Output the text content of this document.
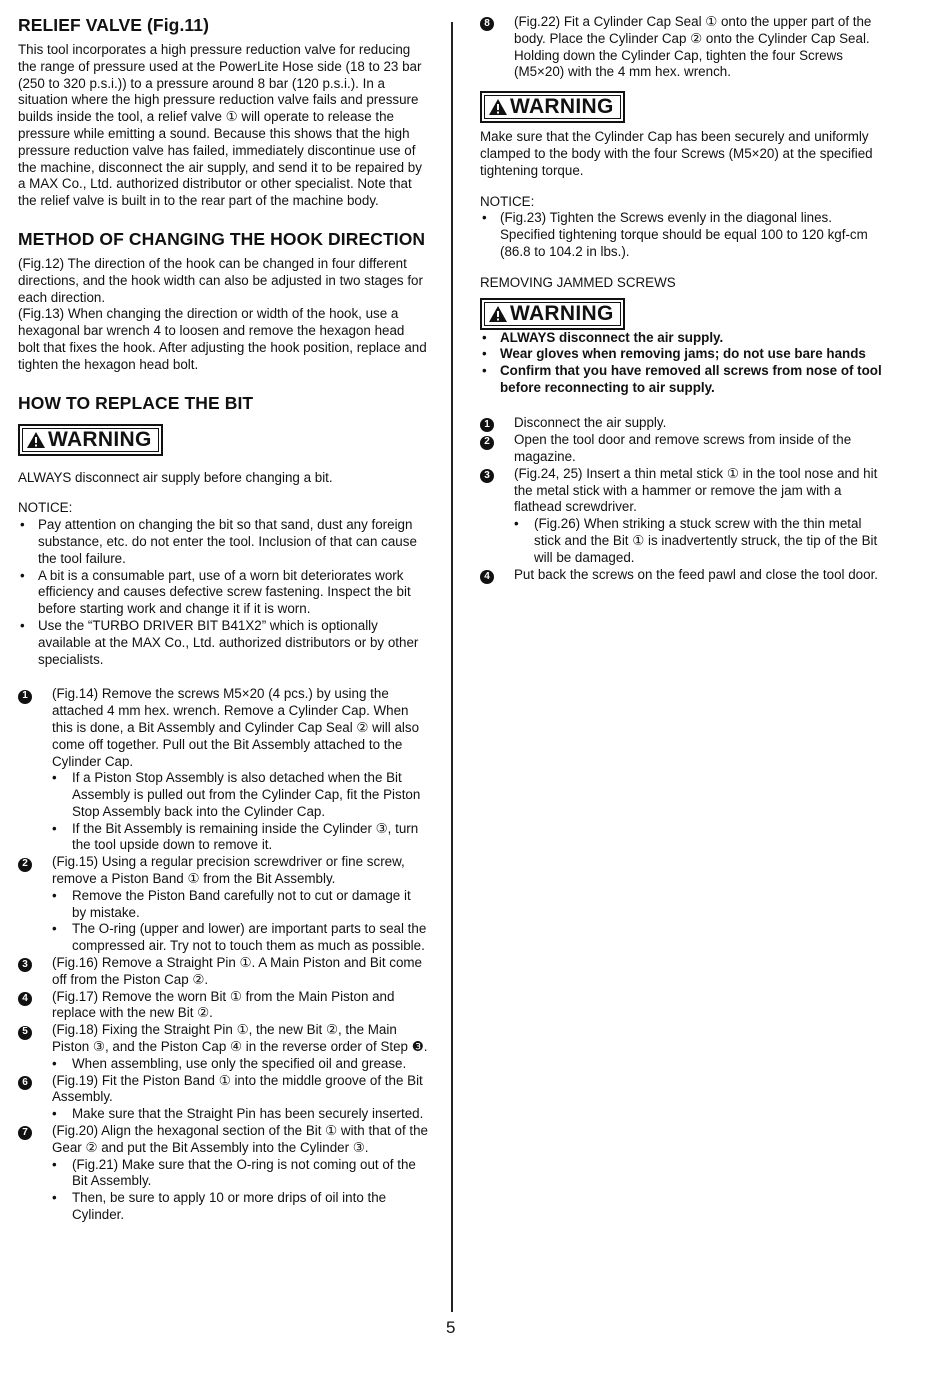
RELIEF VALVE (Fig.11)

This tool incorporates a high pressure reduction valve for reducing the range of pressure used at the PowerLite Hose side (18 to 23 bar (250 to 320 p.s.i.)) to a pressure around 8 bar (120 p.s.i.). In a situation where the high pressure reduction valve fails and pressure builds inside the tool, a relief valve ① will operate to release the pressure while emitting a sound. Because this shows that the high pressure reduction valve has failed, immediately discontinue use of the machine, disconnect the air supply, and send it to be repaired by a MAX Co., Ltd. authorized distributor or other specialist. Note that the relief valve is built in to the rear part of the machine body.

METHOD OF CHANGING THE HOOK DIRECTION

(Fig.12) The direction of the hook can be changed in four different directions, and the hook width can also be adjusted in two stages for each direction.

(Fig.13) When changing the direction or width of the hook, use a hexagonal bar wrench 4 to loosen and remove the hexagon head bolt that fixes the hook. After adjusting the hook position, replace and tighten the hexagon head bolt.

HOW TO REPLACE THE BIT
WARNING

ALWAYS disconnect air supply before changing a bit.

NOTICE:

• Pay attention on changing the bit so that sand, dust any foreign substance, etc. do not enter the tool. Inclusion of that can cause the tool failure.
• A bit is a consumable part, use of a worn bit deteriorates work efficiency and causes defective screw fastening. Inspect the bit before starting work and change it if it is worn.
• Use the “TURBO DRIVER BIT B41X2” which is optionally available at the MAX Co., Ltd. authorized distributors or by other specialists.
1	(Fig.14) Remove the screws M5×20 (4 pcs.) by using the attached 4 mm hex. wrench. Remove a Cylinder Cap. When this is done, a Bit Assembly and Cylinder Cap Seal ② will also come off together. Pull out the Bit Assembly attached to the Cylinder Cap.
•	If a Piston Stop Assembly is also detached when the Bit Assembly is pulled out from the Cylinder Cap, fit the Piston Stop Assembly back into the Cylinder Cap.
•	If the Bit Assembly is remaining inside the Cylinder ③, turn the tool upside down to remove it.
2	(Fig.15) Using a regular precision screwdriver or fine screw, remove a Piston Band ① from the Bit Assembly.
•	Remove the Piston Band carefully not to cut or damage it by mistake.
•	The O-ring (upper and lower) are important parts to seal the compressed air. Try not to touch them as much as possible.
3	(Fig.16) Remove a Straight Pin ①. A Main Piston and Bit come off from the Piston Cap ②.
4	(Fig.17) Remove the worn Bit ① from the Main Piston and replace with the new Bit ②.
5	(Fig.18) Fixing the Straight Pin ①, the new Bit ②, the Main Piston ③, and the Piston Cap ④ in the reverse order of Step ❸.
•	When assembling, use only the specified oil and grease.
6	(Fig.19) Fit the Piston Band ① into the middle groove of the Bit Assembly.
•	Make sure that the Straight Pin has been securely inserted.
7	(Fig.20) Align the hexagonal section of the Bit ① with that of the Gear ② and put the Bit Assembly into the Cylinder ③.
•	(Fig.21) Make sure that the O-ring is not coming out of the Bit Assembly.
•	Then, be sure to apply 10 or more drips of oil into the Cylinder.
8	(Fig.22) Fit a Cylinder Cap Seal ① onto the upper part of the body. Place the Cylinder Cap ② onto the Cylinder Cap Seal. Holding down the Cylinder Cap, tighten the four Screws (M5×20) with the 4 mm hex. wrench.
WARNING

Make sure that the Cylinder Cap has been securely and uniformly clamped to the body with the four Screws (M5×20) at the specified tightening torque.

NOTICE:

• (Fig.23) Tighten the Screws evenly in the diagonal lines. Specified tightening torque should be equal 100 to 120 kgf-cm (86.8 to 104.2 in lbs.).

REMOVING JAMMED SCREWS

WARNING
• ALWAYS disconnect the air supply.
• Wear gloves when removing jams; do not use bare hands
• Confirm that you have removed all screws from nose of tool before reconnecting to air supply.
1	Disconnect the air supply.
2	Open the tool door and remove screws from inside of the magazine.
3	(Fig.24, 25) Insert a thin metal stick ① in the tool nose and hit the metal stick with a hammer or remove the jam with a flathead screwdriver.
•	(Fig.26) When striking a stuck screw with the thin metal stick and the Bit ① is inadvertently struck, the tip of the Bit will be damaged.
4	Put back the screws on the feed pawl and close the tool door.
5
